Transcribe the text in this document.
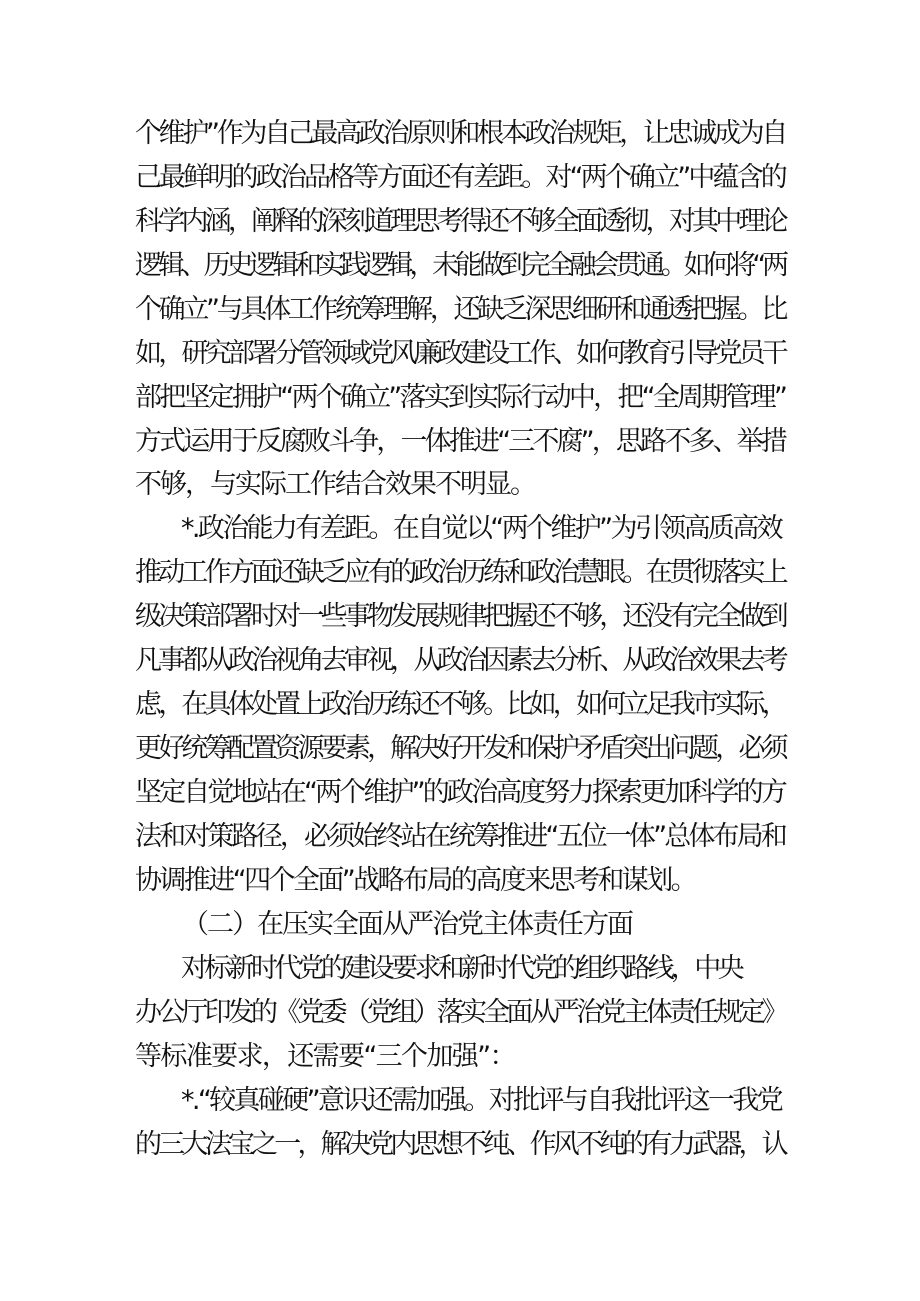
个维护”作为自己最高政治原则和根本政治规矩，让忠诚成为自
己最鲜明的政治品格等方面还有差距。对“两个确立”中蕴含的
科学内涵，阐释的深刻道理思考得还不够全面透彻，对其中理论
逻辑、历史逻辑和实践逻辑，未能做到完全融会贯通。如何将“两
个确立”与具体工作统筹理解，还缺乏深思细研和通透把握。比
如，研究部署分管领域党风廉政建设工作、如何教育引导党员干
部把坚定拥护“两个确立”落实到实际行动中，把“全周期管理”
方式运用于反腐败斗争，一体推进“三不腐”，思路不多、举措
不够，与实际工作结合效果不明显。
*.政治能力有差距。在自觉以“两个维护”为引领高质高效
推动工作方面还缺乏应有的政治历练和政治慧眼。在贯彻落实上
级决策部署时对一些事物发展规律把握还不够，还没有完全做到
凡事都从政治视角去审视，从政治因素去分析、从政治效果去考
虑，在具体处置上政治历练还不够。比如，如何立足我市实际，
更好统筹配置资源要素，解决好开发和保护矛盾突出问题，必须
坚定自觉地站在“两个维护”的政治高度努力探索更加科学的方
法和对策路径，必须始终站在统筹推进“五位一体”总体布局和
协调推进“四个全面”战略布局的高度来思考和谋划。
（二）在压实全面从严治党主体责任方面
对标新时代党的建设要求和新时代党的组织路线，中央
办公厅印发的《党委（党组）落实全面从严治党主体责任规定》
等标准要求，还需要“三个加强”：
*.“较真碰硬”意识还需加强。对批评与自我批评这一我党
的三大法宝之一，解决党内思想不纯、作风不纯的有力武器，认
